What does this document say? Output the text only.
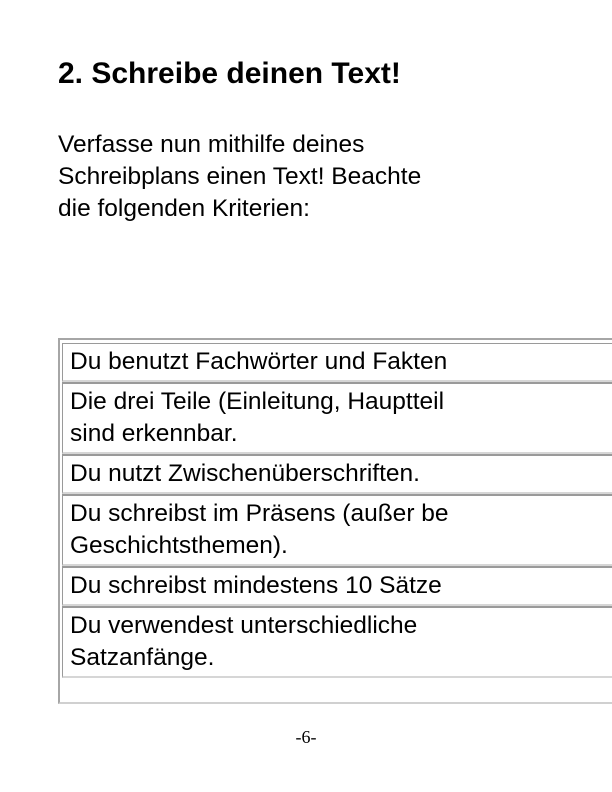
2. Schreibe deinen Text!

Verfasse nun mithilfe deines
Schreibplans einen Text! Beachte
die folgenden Kriterien:

Du benutzt Fachwörter und Fakten

Die drei Teile (Einleitung, Hauptteil
sind erkennbar.

Du nutzt Zwischenüberschriften.

Du schreibst im Präsens (außer be
Geschichtsthemen).

Du schreibst mindestens 10 Sätze

Du verwendest unterschiedliche
Satzanfänge.
-6-
